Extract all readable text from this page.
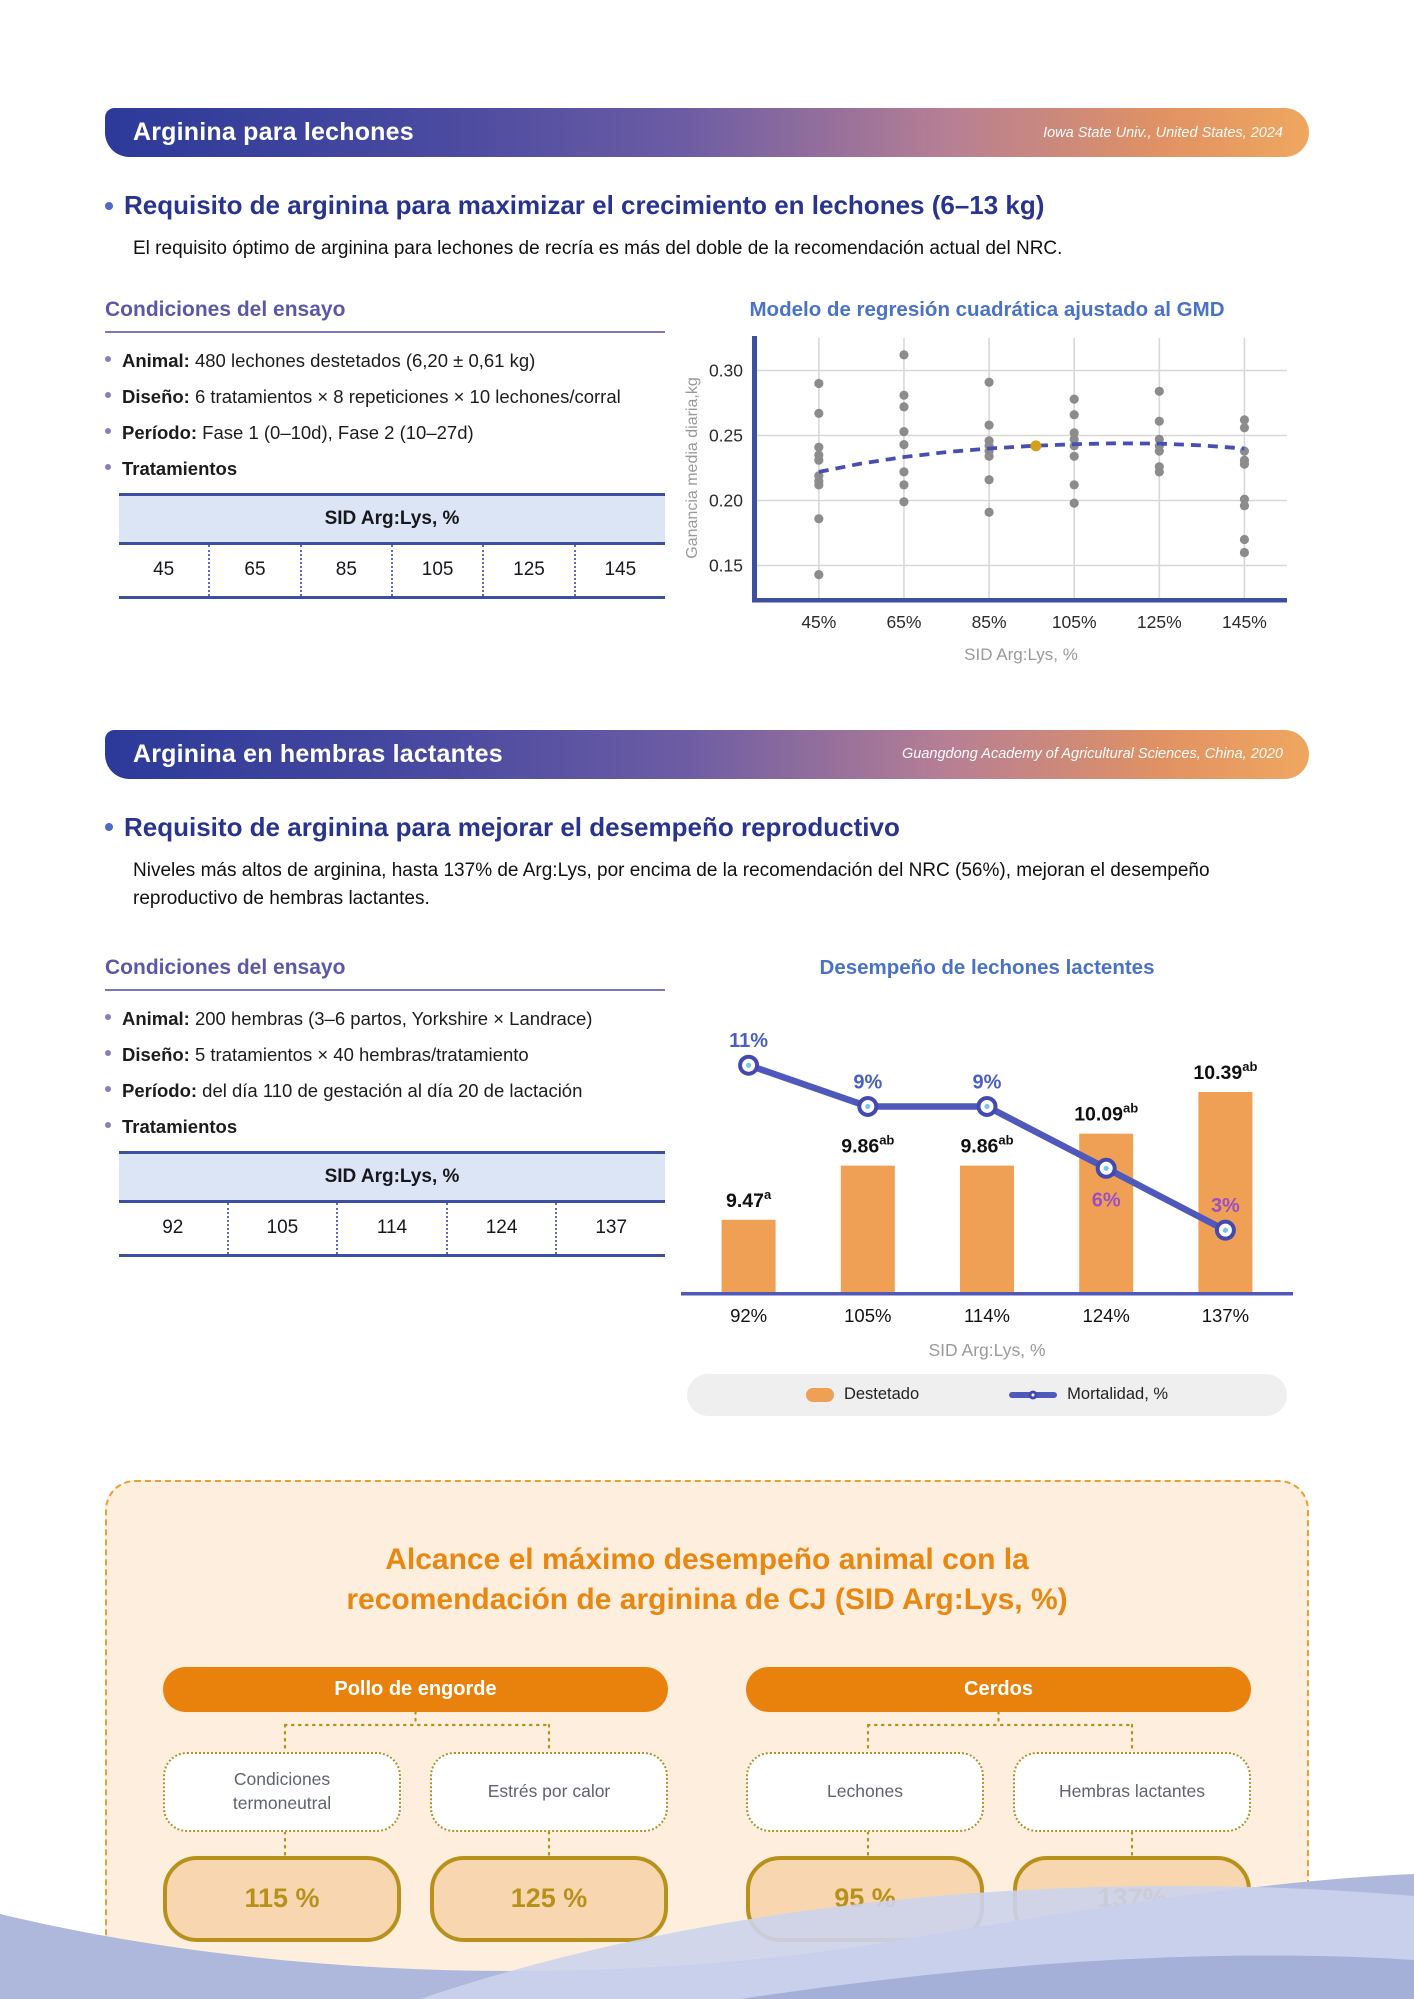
Arginina para lechones	Iowa State Univ., United States, 2024
Requisito de arginina para maximizar el crecimiento en lechones (6–13 kg)

El requisito óptimo de arginina para lechones de recría es más del doble de la recomendación actual del NRC.

Condiciones del ensayo
Animal: 480 lechones destetados (6,20 ± 0,61 kg)
Diseño: 6 tratamientos × 8 repeticiones × 10 lechones/corral
Período: Fase 1 (0–10d), Fase 2 (10–27d)
Tratamientos
SID Arg:Lys, %
45	65	85	105	125	145
Modelo de regresión cuadrática ajustado al GMD
0.15
0.20
0.25
0.30
45%	65%	85%	105% 125% 145%
SID Arg:Lys, %
Ganancia media diaria,kg
Arginina en hembras lactantes	Guangdong Academy of Agricultural Sciences, China, 2020
Requisito de arginina para mejorar el desempeño reproductivo

Niveles más altos de arginina, hasta 137% de Arg:Lys, por encima de la recomendación del NRC (56%), mejoran el desempeño reproductivo de hembras lactantes.

Condiciones del ensayo
Animal: 200 hembras (3–6 partos, Yorkshire × Landrace)
Diseño: 5 tratamientos × 40 hembras/tratamiento
Período: del día 110 de gestación al día 20 de lactación
Tratamientos
SID Arg:Lys, %
92	105	114	124	137
Desempeño de lechones lactentes
9.47$^a$
9.86$^{ab}$	9.86$^{ab}$
10.09$^{ab}$
10.39$^{ab}$
11%
9%	9%
6%	3%
92%	105%	114%	124%	137%
SID Arg:Lys, %
Destetado	Mortalidad, %
Alcance el máximo desempeño animal con la
recomendación de arginina de CJ (SID Arg:Lys, %)
Pollo de engorde
Condiciones termoneutral
Estrés por calor
115 %	125 %
Cerdos
Lechones	Hembras lactantes
95 %
